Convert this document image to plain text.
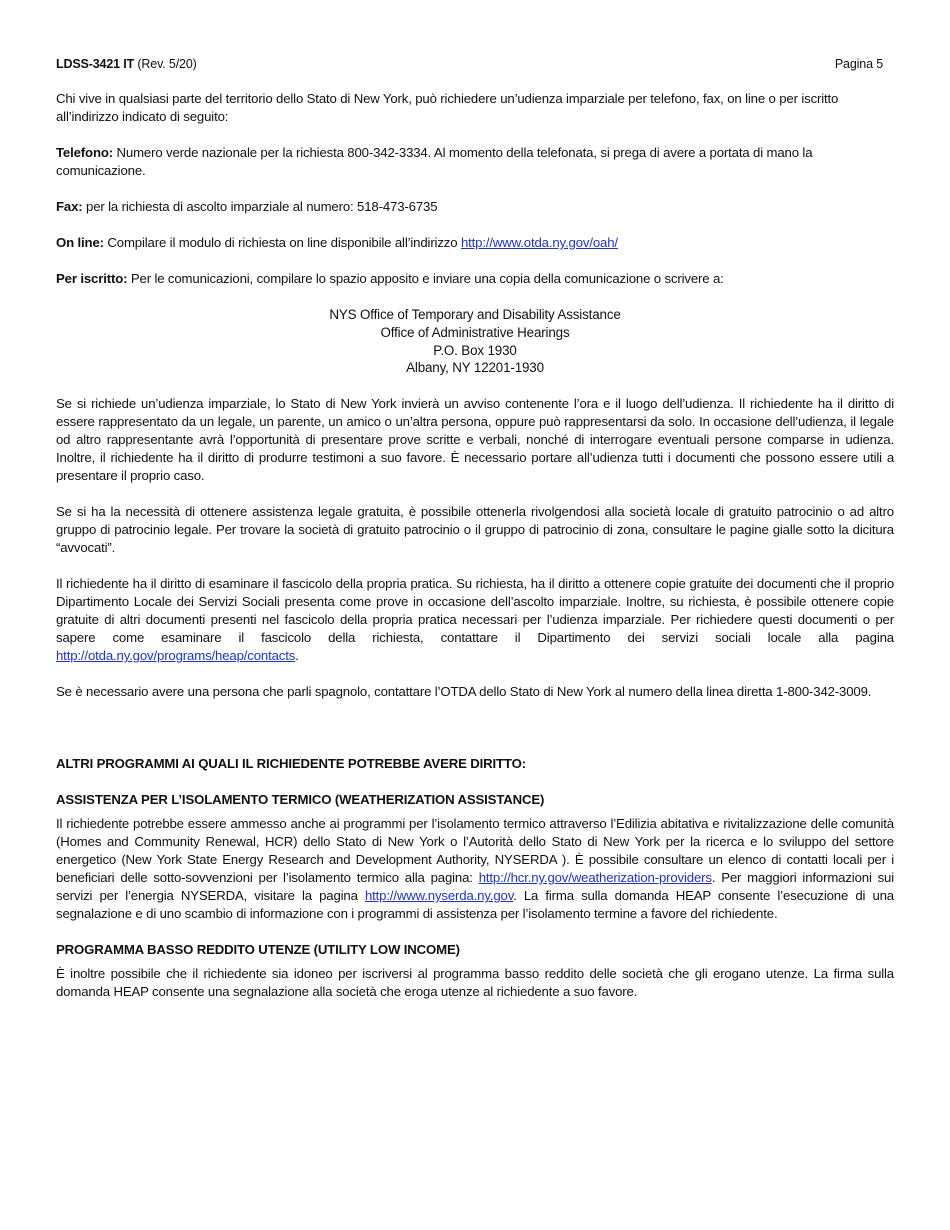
LDSS-3421 IT (Rev. 5/20)	Pagina 5

Chi vive in qualsiasi parte del territorio dello Stato di New York, può richiedere un’udienza imparziale per telefono, fax, on line o per iscritto all’indirizzo indicato di seguito:

Telefono: Numero verde nazionale per la richiesta 800-342-3334. Al momento della telefonata, si prega di avere a portata di mano la comunicazione.

Fax: per la richiesta di ascolto imparziale al numero: 518-473-6735

On line: Compilare il modulo di richiesta on line disponibile all’indirizzo http://www.otda.ny.gov/oah/

Per iscritto: Per le comunicazioni, compilare lo spazio apposito e inviare una copia della comunicazione o scrivere a:

NYS Office of Temporary and Disability Assistance
Office of Administrative Hearings
P.O. Box 1930
Albany, NY 12201-1930

Se si richiede un’udienza imparziale, lo Stato di New York invierà un avviso contenente l’ora e il luogo dell’udienza. Il richiedente ha il diritto di essere rappresentato da un legale, un parente, un amico o un’altra persona, oppure può rappresentarsi da solo. In occasione dell’udienza, il legale od altro rappresentante avrà l’opportunità di presentare prove scritte e verbali, nonché di interrogare eventuali persone comparse in udienza. Inoltre, il richiedente ha il diritto di produrre testimoni a suo favore. È necessario portare all’udienza tutti i documenti che possono essere utili a presentare il proprio caso.

Se si ha la necessità di ottenere assistenza legale gratuita, è possibile ottenerla rivolgendosi alla società locale di gratuito patrocinio o ad altro gruppo di patrocinio legale. Per trovare la società di gratuito patrocinio o il gruppo di patrocinio di zona, consultare le pagine gialle sotto la dicitura “avvocati”.

Il richiedente ha il diritto di esaminare il fascicolo della propria pratica. Su richiesta, ha il diritto a ottenere copie gratuite dei documenti che il proprio Dipartimento Locale dei Servizi Sociali presenta come prove in occasione dell’ascolto imparziale. Inoltre, su richiesta, è possibile ottenere copie gratuite di altri documenti presenti nel fascicolo della propria pratica necessari per l’udienza imparziale. Per richiedere questi documenti o per sapere come esaminare il fascicolo della richiesta, contattare il Dipartimento dei servizi sociali locale alla pagina http://otda.ny.gov/programs/heap/contacts.

Se è necessario avere una persona che parli spagnolo, contattare l’OTDA dello Stato di New York al numero della linea diretta 1-800-342-3009.

ALTRI PROGRAMMI AI QUALI IL RICHIEDENTE POTREBBE AVERE DIRITTO:
ASSISTENZA PER L’ISOLAMENTO TERMICO (WEATHERIZATION ASSISTANCE)

Il richiedente potrebbe essere ammesso anche ai programmi per l’isolamento termico attraverso l’Edilizia abitativa e rivitalizzazione delle comunità (Homes and Community Renewal, HCR) dello Stato di New York o l’Autorità dello Stato di New York per la ricerca e lo sviluppo del settore energetico (New York State Energy Research and Development Authority, NYSERDA ). È possibile consultare un elenco di contatti locali per i beneficiari delle sotto-sovvenzioni per l’isolamento termico alla pagina: http://hcr.ny.gov/weatherization-providers. Per maggiori informazioni sui servizi per l’energia NYSERDA, visitare la pagina http://www.nyserda.ny.gov. La firma sulla domanda HEAP consente l’esecuzione di una segnalazione e di uno scambio di informazione con i programmi di assistenza per l’isolamento termine a favore del richiedente.

PROGRAMMA BASSO REDDITO UTENZE (UTILITY LOW INCOME)

È inoltre possibile che il richiedente sia idoneo per iscriversi al programma basso reddito delle società che gli erogano utenze. La firma sulla domanda HEAP consente una segnalazione alla società che eroga utenze al richiedente a suo favore.
